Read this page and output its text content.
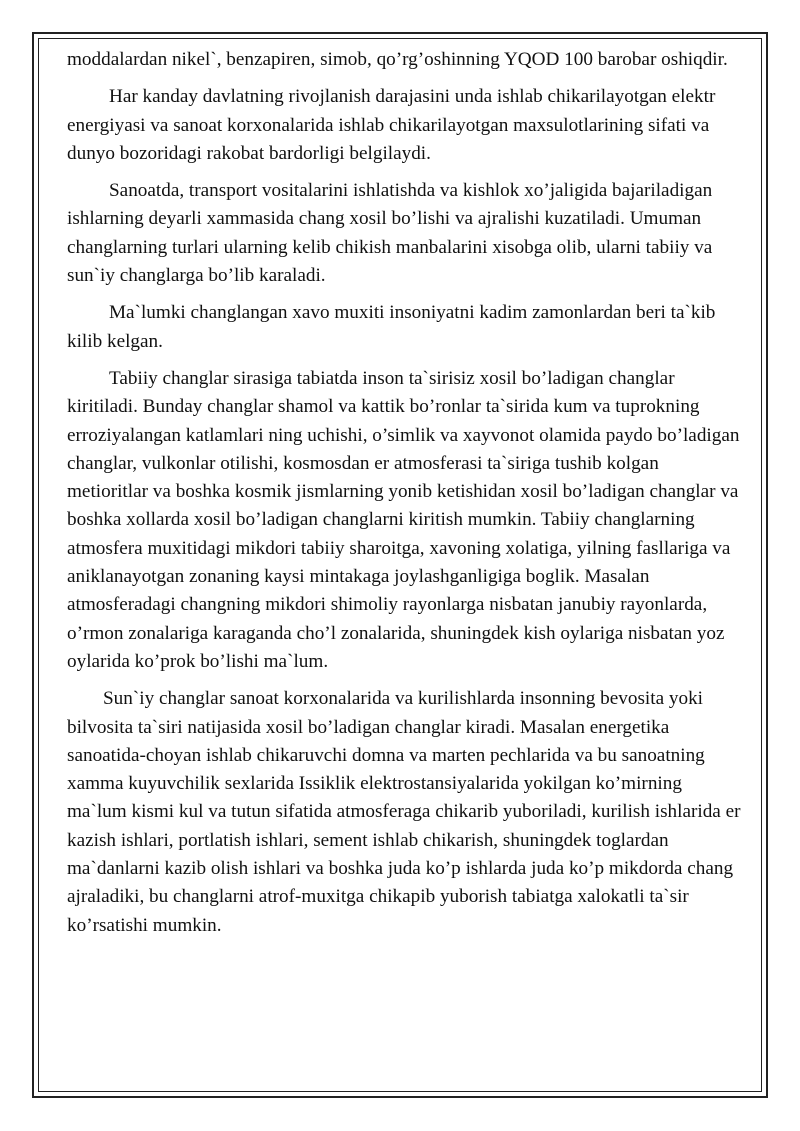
moddalardan nikel`, benzapiren, simob, qo’rg’oshinning YQOD 100 barobar oshiqdir.

Har kanday davlatning rivojlanish darajasini unda ishlab chikarilayotgan elektr energiyasi va sanoat korxonalarida ishlab chikarilayotgan maxsulotlarining sifati va dunyo bozoridagi rakobat bardorligi belgilaydi.

Sanoatda, transport vositalarini ishlatishda va kishlok xo’jaligida bajariladigan ishlarning deyarli xammasida chang xosil bo’lishi va ajralishi kuzatiladi. Umuman changlarning turlari ularning kelib chikish manbalarini xisobga olib, ularni tabiiy va sun`iy changlarga bo’lib karaladi.

Ma`lumki changlangan xavo muxiti insoniyatni kadim zamonlardan beri ta`kib kilib kelgan.

Tabiiy changlar sirasiga tabiatda inson ta`sirisiz xosil bo’ladigan changlar kiritiladi. Bunday changlar shamol va kattik bo’ronlar ta`sirida kum va tuprokning erroziyalangan katlamlari ning uchishi, o’simlik va xayvonot olamida paydo bo’ladigan changlar, vulkonlar otilishi, kosmosdan er atmosferasi ta`siriga tushib kolgan metioritlar va boshka kosmik jismlarning yonib ketishidan xosil bo’ladigan changlar va boshka xollarda xosil bo’ladigan changlarni kiritish mumkin. Tabiiy changlarning atmosfera muxitidagi mikdori tabiiy sharoitga, xavoning xolatiga, yilning fasllariga va aniklanayotgan zonaning kaysi mintakaga joylashganligiga boglik. Masalan atmosferadagi changning mikdori shimoliy rayonlarga nisbatan janubiy rayonlarda, o’rmon zonalariga karaganda cho’l zonalarida, shuningdek kish oylariga nisbatan yoz oylarida ko’prok bo’lishi ma`lum.

Sun`iy changlar sanoat korxonalarida va kurilishlarda insonning bevosita yoki bilvosita ta`siri natijasida xosil bo’ladigan changlar kiradi. Masalan energetika sanoatida-choyan ishlab chikaruvchi domna va marten pechlarida va bu sanoatning xamma kuyuvchilik sexlarida Issiklik elektrostansiyalarida yokilgan ko’mirning ma`lum kismi kul va tutun sifatida atmosferaga chikarib yuboriladi, kurilish ishlarida er kazish ishlari, portlatish ishlari, sement ishlab chikarish, shuningdek toglardan ma`danlarni kazib olish ishlari va boshka juda ko’p ishlarda juda ko’p mikdorda chang ajraladiki, bu changlarni atrof-muxitga chikapib yuborish tabiatga xalokatli ta`sir ko’rsatishi mumkin.
